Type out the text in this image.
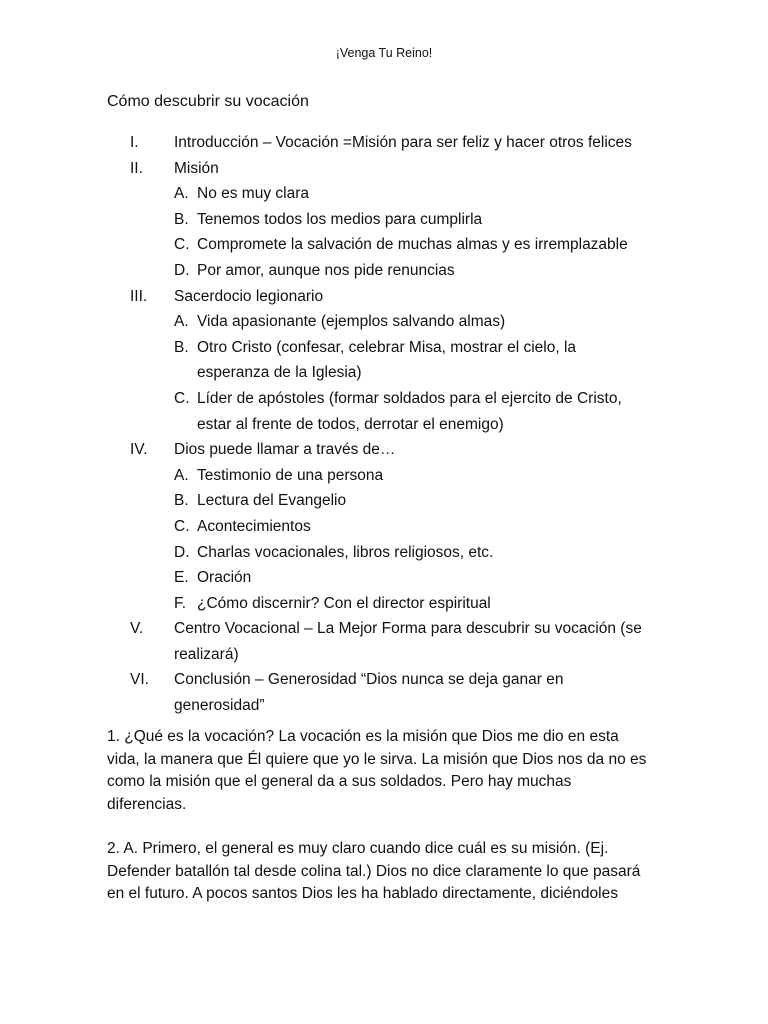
¡Venga Tu Reino!
Cómo descubrir su vocación
I. Introducción – Vocación =Misión para ser feliz y hacer otros felices
II. Misión
A. No es muy clara
B. Tenemos todos los medios para cumplirla
C. Compromete la salvación de muchas almas y es irremplazable
D. Por amor, aunque nos pide renuncias
III. Sacerdocio legionario
A. Vida apasionante (ejemplos salvando almas)
B. Otro Cristo (confesar, celebrar Misa, mostrar el cielo, la
esperanza de la Iglesia)
C. Líder de apóstoles (formar soldados para el ejercito de Cristo,
estar al frente de todos, derrotar el enemigo)
IV. Dios puede llamar a través de…
A. Testimonio de una persona
B. Lectura del Evangelio
C. Acontecimientos
D. Charlas vocacionales, libros religiosos, etc.
E. Oración
F. ¿Cómo discernir? Con el director espiritual
V. Centro Vocacional – La Mejor Forma para descubrir su vocación (se
realizará)
VI. Conclusión – Generosidad “Dios nunca se deja ganar en
generosidad”
1. ¿Qué es la vocación? La vocación es la misión que Dios me dio en esta
vida, la manera que Él quiere que yo le sirva. La misión que Dios nos da no es
como la misión que el general da a sus soldados. Pero hay muchas
diferencias.
2. A. Primero, el general es muy claro cuando dice cuál es su misión. (Ej.
Defender batallón tal desde colina tal.) Dios no dice claramente lo que pasará
en el futuro. A pocos santos Dios les ha hablado directamente, diciéndoles
